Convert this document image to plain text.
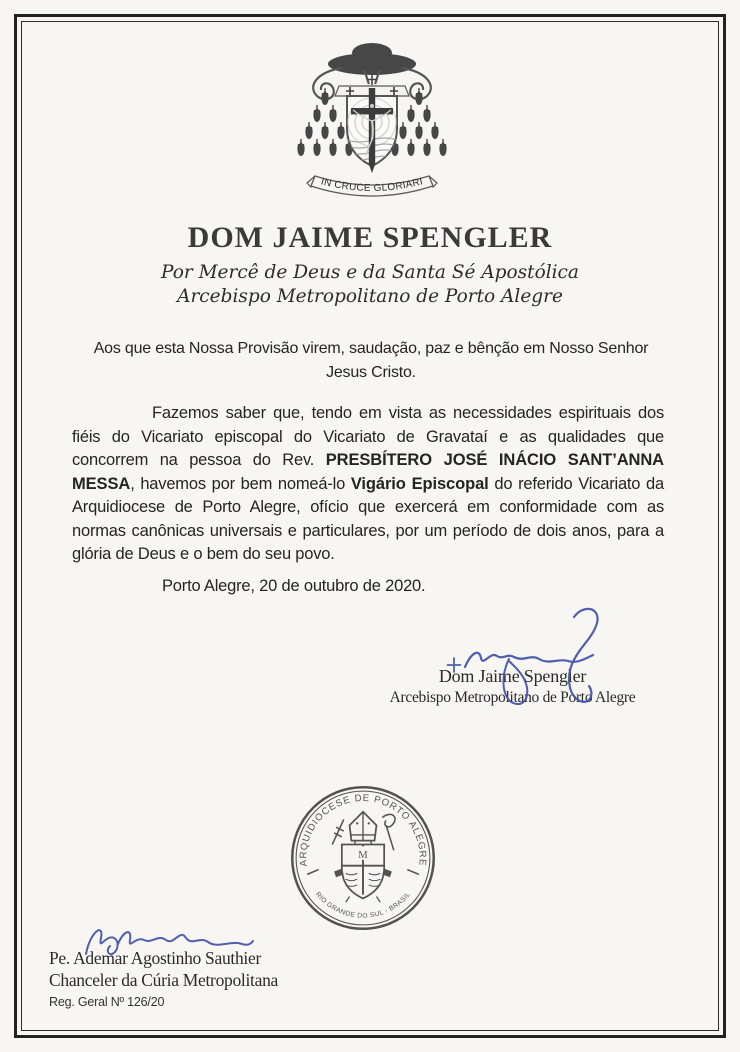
IN CRUCE GLORIARI
DOM JAIME SPENGLER
Por Mercê de Deus e da Santa Sé Apostólica
Arcebispo Metropolitano de Porto Alegre
Aos que esta Nossa Provisão virem, saudação, paz e bênção em Nosso Senhor Jesus Cristo.

Fazemos saber que, tendo em vista as necessidades espirituais dos fiéis do Vicariato episcopal do Vicariato de Gravataí e as qualidades que concorrem na pessoa do Rev. PRESBÍTERO JOSÉ INÁCIO SANT’ANNA MESSA, havemos por bem nomeá-lo Vigário Episcopal do referido Vicariato da Arquidiocese de Porto Alegre, ofício que exercerá em conformidade com as normas canônicas universais e particulares, por um período de dois anos, para a glória de Deus e o bem do seu povo.

Porto Alegre, 20 de outubro de 2020.
Dom Jaime Spengler
Arcebispo Metropolitano de Porto Alegre
ARQUIDIOCESE DE PORTO ALEGRE
RIO GRANDE DO SUL - BRASIL
M
Pe. Ademar Agostinho Sauthier
Chanceler da Cúria Metropolitana
Reg. Geral Nº 126/20
